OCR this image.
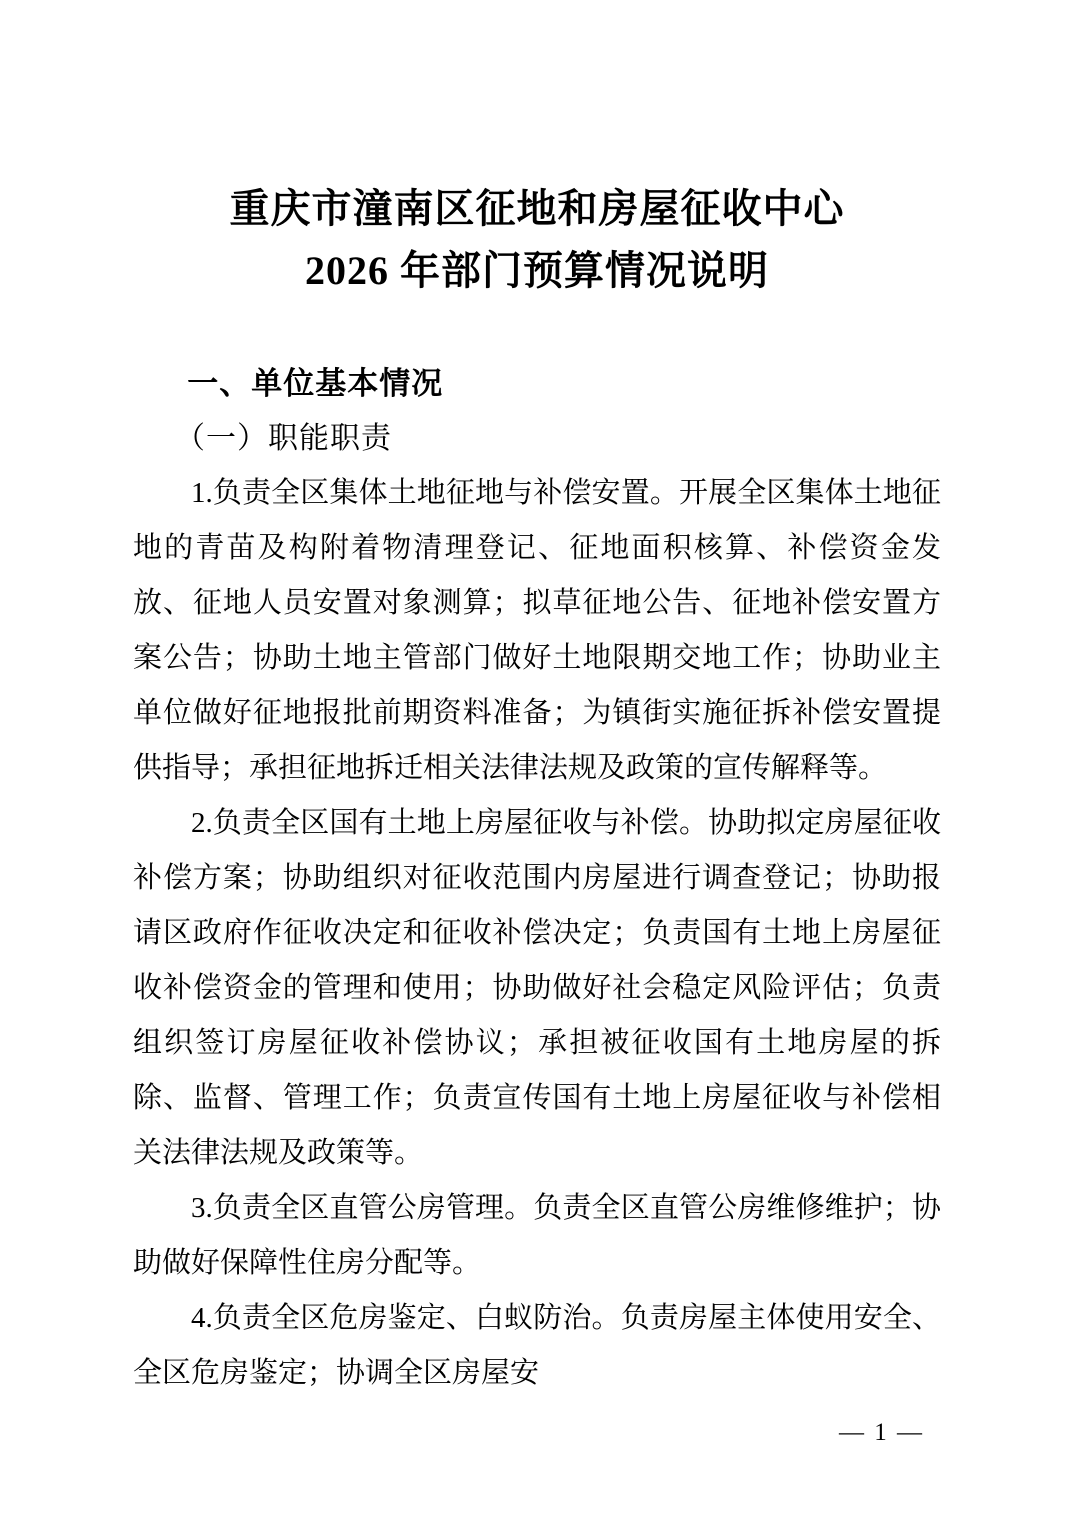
重庆市潼南区征地和房屋征收中心
2026 年部门预算情况说明
一、单位基本情况
（一）职能职责

1.负责全区集体土地征地与补偿安置。开展全区集体土地征地的青苗及构附着物清理登记、征地面积核算、补偿资金发放、征地人员安置对象测算；拟草征地公告、征地补偿安置方案公告；协助土地主管部门做好土地限期交地工作；协助业主单位做好征地报批前期资料准备；为镇街实施征拆补偿安置提供指导；承担征地拆迁相关法律法规及政策的宣传解释等。

2.负责全区国有土地上房屋征收与补偿。协助拟定房屋征收补偿方案；协助组织对征收范围内房屋进行调查登记；协助报请区政府作征收决定和征收补偿决定；负责国有土地上房屋征收补偿资金的管理和使用；协助做好社会稳定风险评估；负责组织签订房屋征收补偿协议；承担被征收国有土地房屋的拆除、监督、管理工作；负责宣传国有土地上房屋征收与补偿相关法律法规及政策等。

3.负责全区直管公房管理。负责全区直管公房维修维护；协助做好保障性住房分配等。

4.负责全区危房鉴定、白蚁防治。负责房屋主体使用安全、全区危房鉴定；协调全区房屋安

— 1 —
